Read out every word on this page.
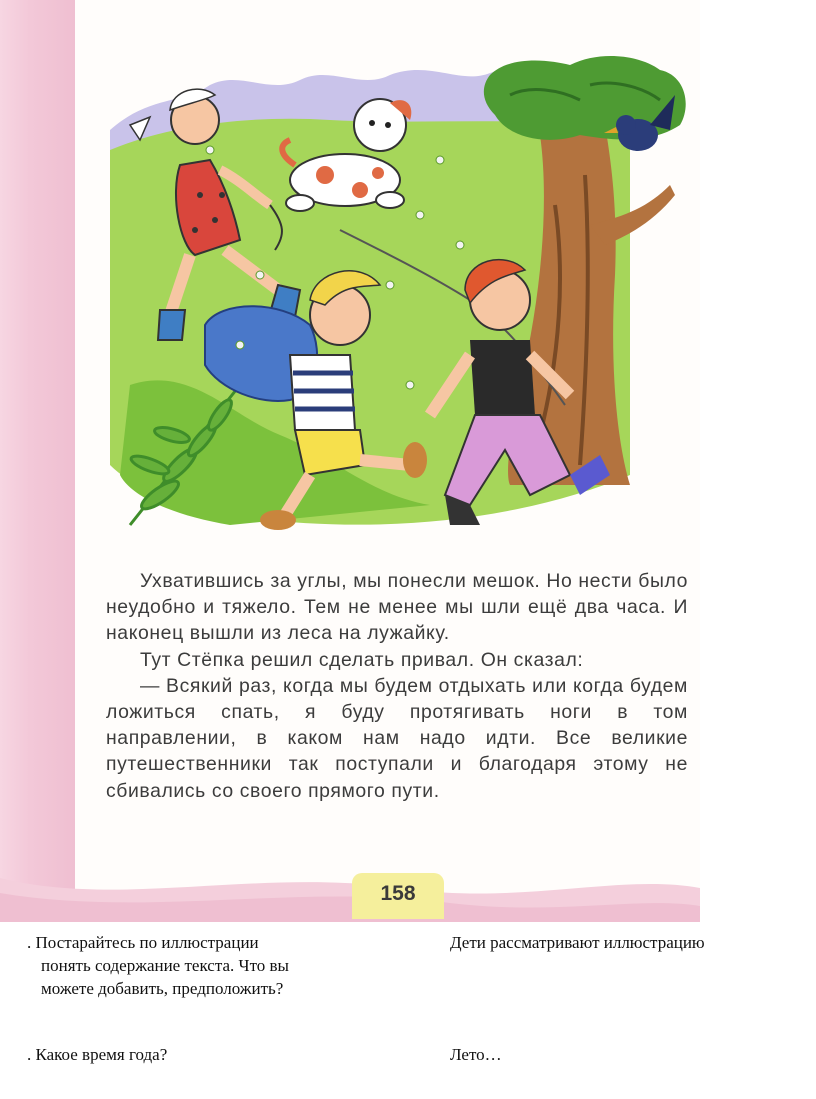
Ухватившись за углы, мы понесли мешок. Но нести было неудобно и тяжело. Тем не менее мы шли ещё два часа. И наконец вышли из леса на лужайку.

Тут Стёпка решил сделать привал. Он сказал:

— Всякий раз, когда мы будем отдыхать или когда будем ложиться спать, я буду протягивать ноги в том направлении, в каком нам надо идти. Все великие путешественники так поступали и благодаря этому не сбивались со своего прямого пути.

158
. Постарайтесь по иллюстрации
понять содержание текста. Что вы можете добавить, предположить?
Дети рассматривают иллюстрацию
. Какое время года?	Лето…
